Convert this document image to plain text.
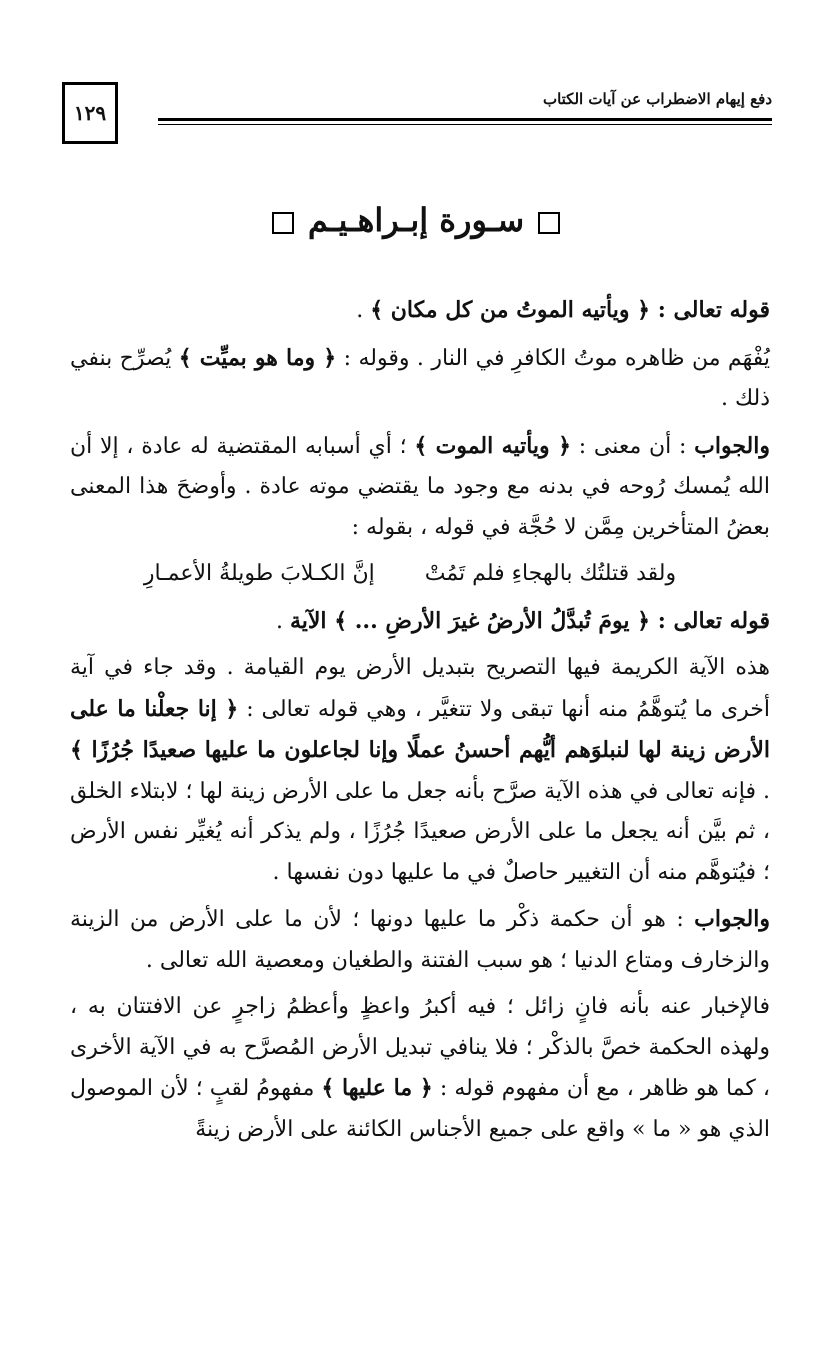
١٢٩
دفع إيهام الاضطراب عن آيات الكتاب
سـورة إبـراهـيـم

قوله تعالى : ﴿ ويأتيه الموتُ من كل مكان ﴾ .

يُفْهَم من ظاهره موتُ الكافرِ في النار . وقوله : ﴿ وما هو بميِّت ﴾ يُصرِّح بنفي ذلك .

والجواب : أن معنى : ﴿ ويأتيه الموت ﴾ ؛ أي أسبابه المقتضية له عادة ، إلا أن الله يُمسك رُوحه في بدنه مع وجود ما يقتضي موته عادة . وأوضحَ هذا المعنى بعضُ المتأخرين مِمَّن لا حُجَّة في قوله ، بقوله :

ولقد قتلتُك بالهجاءِ فلم تَمُتْ
إنَّ الكـلابَ طويلةُ الأعمـارِ

قوله تعالى : ﴿ يومَ تُبدَّلُ الأرضُ غيرَ الأرضِ ... ﴾ الآية .

هذه الآية الكريمة فيها التصريح بتبديل الأرض يوم القيامة . وقد جاء في آية أخرى ما يُتوهَّمُ منه أنها تبقى ولا تتغيَّر ، وهي قوله تعالى : ﴿ إنا جعلْنا ما على الأرض زينة لها لنبلوَهم أيُّهم أحسنُ عملًا وإنا لجاعلون ما عليها صعيدًا جُرُزًا ﴾ . فإنه تعالى في هذه الآية صرَّح بأنه جعل ما على الأرض زينة لها ؛ لابتلاء الخلق ، ثم بيَّن أنه يجعل ما على الأرض صعيدًا جُرُزًا ، ولم يذكر أنه يُغيِّر نفس الأرض ؛ فيُتوهَّم منه أن التغيير حاصلٌ في ما عليها دون نفسها .

والجواب : هو أن حكمة ذكْر ما عليها دونها ؛ لأن ما على الأرض من الزينة والزخارف ومتاع الدنيا ؛ هو سبب الفتنة والطغيان ومعصية الله تعالى .

فالإخبار عنه بأنه فانٍ زائل ؛ فيه أكبرُ واعظٍ وأعظمُ زاجرٍ عن الافتتان به ، ولهذه الحكمة خصَّ بالذكْر ؛ فلا ينافي تبديل الأرض المُصرَّح به في الآية الأخرى ، كما هو ظاهر ، مع أن مفهوم قوله : ﴿ ما عليها ﴾ مفهومُ لقبٍ ؛ لأن الموصول الذي هو « ما » واقع على جميع الأجناس الكائنة على الأرض زينةً
